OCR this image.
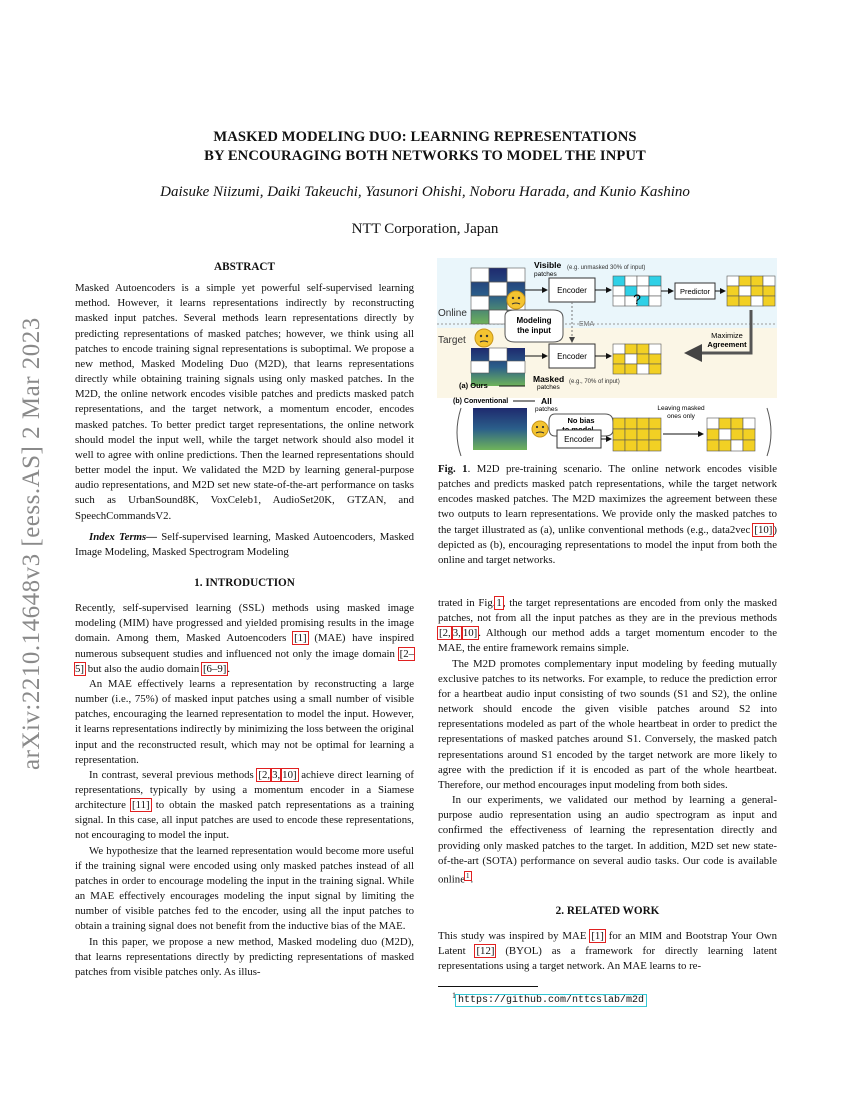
arXiv:2210.14648v3 [eess.AS] 2 Mar 2023
MASKED MODELING DUO: LEARNING REPRESENTATIONS
BY ENCOURAGING BOTH NETWORKS TO MODEL THE INPUT
Daisuke Niizumi, Daiki Takeuchi, Yasunori Ohishi, Noboru Harada, and Kunio Kashino
NTT Corporation, Japan
ABSTRACT

Masked Autoencoders is a simple yet powerful self-supervised learning method. However, it learns representations indirectly by reconstructing masked input patches. Several methods learn representations directly by predicting representations of masked patches; however, we think using all patches to encode training signal representations is suboptimal. We propose a new method, Masked Modeling Duo (M2D), that learns representations directly while obtaining training signals using only masked patches. In the M2D, the online network encodes visible patches and predicts masked patch representations, and the target network, a momentum encoder, encodes masked patches. To better predict target representations, the online network should model the input well, while the target network should also model it well to agree with online predictions. Then the learned representations should better model the input. We validated the M2D by learning general-purpose audio representations, and M2D set new state-of-the-art performance on tasks such as UrbanSound8K, VoxCeleb1, AudioSet20K, GTZAN, and SpeechCommandsV2.

Index Terms— Self-supervised learning, Masked Autoencoders, Masked Image Modeling, Masked Spectrogram Modeling

1. INTRODUCTION

Recently, self-supervised learning (SSL) methods using masked image modeling (MIM) have progressed and yielded promising results in the image domain. Among them, Masked Autoencoders [1] (MAE) have inspired numerous subsequent studies and influenced not only the image domain [2–5] but also the audio domain [6–9].

An MAE effectively learns a representation by reconstructing a large number (i.e., 75%) of masked input patches using a small number of visible patches, encouraging the learned representation to model the input. However, it learns representations indirectly by minimizing the loss between the original input and the reconstructed result, which may not be optimal for learning a representation.

In contrast, several previous methods [2, 3, 10] achieve direct learning of representations, typically by using a momentum encoder in a Siamese architecture [11] to obtain the masked patch representations as a training signal. In this case, all input patches are used to encode these representations, not encouraging to model the input.

We hypothesize that the learned representation would become more useful if the training signal were encoded using only masked patches instead of all patches in order to encourage modeling the input in the training signal. While an MAE effectively encourages modeling the input signal by limiting the number of visible patches fed to the encoder, using all the input patches to obtain a training signal does not benefit from the inductive bias of the MAE.

In this paper, we propose a new method, Masked modeling duo (M2D), that learns representations directly by predicting representations of masked patches from visible patches only. As illus-

Visible
patches
(e.g. unmasked 30% of input)
Online
Modeling
the input
Encoder
?	Predictor
EMA
Maximize
Agreement
Target
Encoder
(a) Ours
Masked (e.g., 70% of input)
patches
(b) Conventional	All
patches
No bias
Encoder
Leaving masked
ones only

Fig. 1. M2D pre-training scenario. The online network encodes visible patches and predicts masked patch representations, while the target network encodes masked patches. The M2D maximizes the agreement between these two outputs to learn representations. We provide only the masked patches to the target illustrated as (a), unlike conventional methods (e.g., data2vec [10]) depicted as (b), encouraging representations to model the input from both the online and target networks.

trated in Fig.1, the target representations are encoded from only the masked patches, not from all the input patches as they are in the previous methods [2, 3, 10]. Although our method adds a target momentum encoder to the MAE, the entire framework remains simple.

The M2D promotes complementary input modeling by feeding mutually exclusive patches to its networks. For example, to reduce the prediction error for a heartbeat audio input consisting of two sounds (S1 and S2), the online network should encode the given visible patches around S2 into representations modeled as part of the whole heartbeat in order to predict the representations of masked patches around S1. Conversely, the masked patch representations around S1 encoded by the target network are more likely to agree with the prediction if it is encoded as part of the whole heartbeat. Therefore, our method encourages input modeling from both sides.

In our experiments, we validated our method by learning a general-purpose audio representation using an audio spectrogram as input and confirmed the effectiveness of learning the representation directly and providing only masked patches to the target. In addition, M2D set new state-of-the-art (SOTA) performance on several audio tasks. Our code is available online$^1$.

2. RELATED WORK

This study was inspired by MAE [1] for an MIM and Bootstrap Your Own Latent [12] (BYOL) as a framework for directly learning latent representations using a target network. An MAE learns to re-

$^1$ https://github.com/nttcslab/m2d
